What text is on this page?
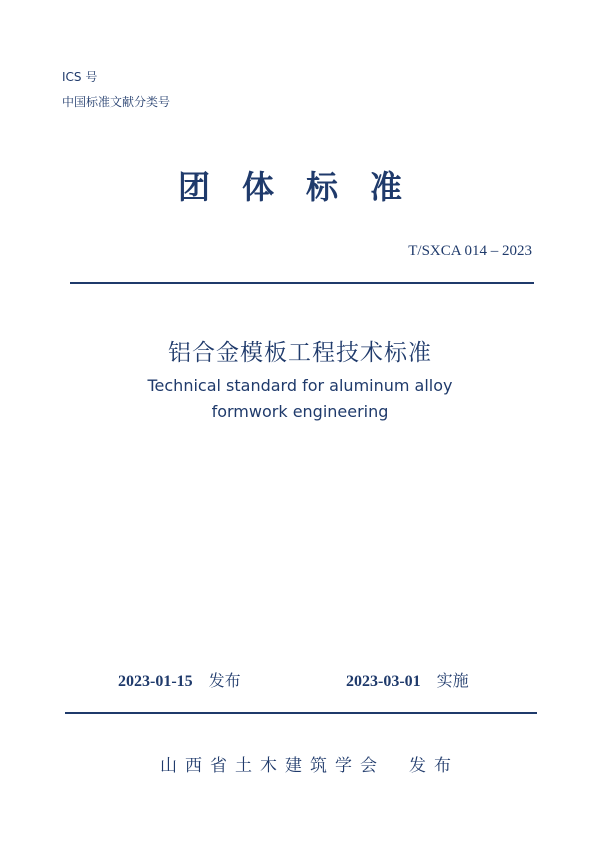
ICS 号
中国标准文献分类号
团体标准
T/SXCA 014 – 2023
铝合金模板工程技术标准
Technical standard for aluminum alloy
formwork engineering
2023-01-15 发布	2023-03-01 实施
山西省土木建筑学会 发布
